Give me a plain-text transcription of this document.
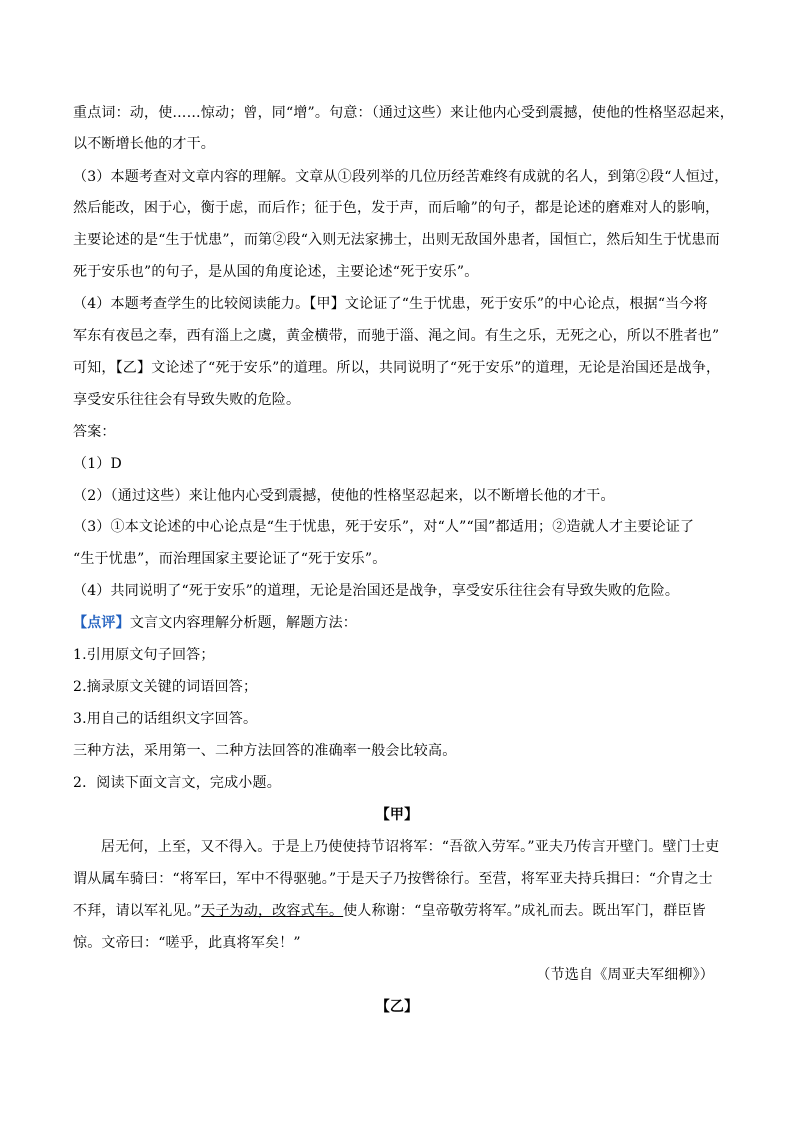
重点词：动，使……惊动；曾，同“增”。句意：（通过这些）来让他内心受到震撼，使他的性格坚忍起来，
以不断增长他的才干。
（3）本题考查对文章内容的理解。文章从①段列举的几位历经苦难终有成就的名人，到第②段“人恒过，
然后能改，困于心，衡于虑，而后作；征于色，发于声，而后喻”的句子，都是论述的磨难对人的影响，
主要论述的是“生于忧患”，而第②段“入则无法家拂士，出则无敌国外患者，国恒亡，然后知生于忧患而
死于安乐也”的句子，是从国的角度论述，主要论述“死于安乐”。
（4）本题考查学生的比较阅读能力。【甲】文论证了“生于忧患，死于安乐”的中心论点，根据“当今将
军东有夜邑之奉，西有淄上之虞，黄金横带，而驰于淄、渑之间。有生之乐，无死之心，所以不胜者也”
可知，【乙】文论述了“死于安乐”的道理。所以，共同说明了“死于安乐”的道理，无论是治国还是战争，
享受安乐往往会有导致失败的危险。
答案：
（1）D
（2）（通过这些）来让他内心受到震撼，使他的性格坚忍起来，以不断增长他的才干。
（3）①本文论述的中心论点是“生于忧患，死于安乐”，对“人”“国”都适用；②造就人才主要论证了
“生于忧患”，而治理国家主要论证了“死于安乐”。
（4）共同说明了“死于安乐”的道理，无论是治国还是战争，享受安乐往往会有导致失败的危险。
【点评】文言文内容理解分析题，解题方法：
1.引用原文句子回答；
2.摘录原文关键的词语回答；
3.用自己的话组织文字回答。
三种方法，采用第一、二种方法回答的准确率一般会比较高。
2．阅读下面文言文，完成小题。
【甲】
居无何，上至，又不得入。于是上乃使使持节诏将军：“吾欲入劳军。”亚夫乃传言开壁门。壁门士吏
谓从属车骑曰：“将军曰，军中不得驱驰。”于是天子乃按辔徐行。至营，将军亚夫持兵揖曰：“介胄之士
不拜，请以军礼见。”天子为动，改容式车。使人称谢：“皇帝敬劳将军。”成礼而去。既出军门，群臣皆
惊。文帝曰：“嗟乎，此真将军矣！”
（节选自《周亚夫军细柳》）
【乙】
